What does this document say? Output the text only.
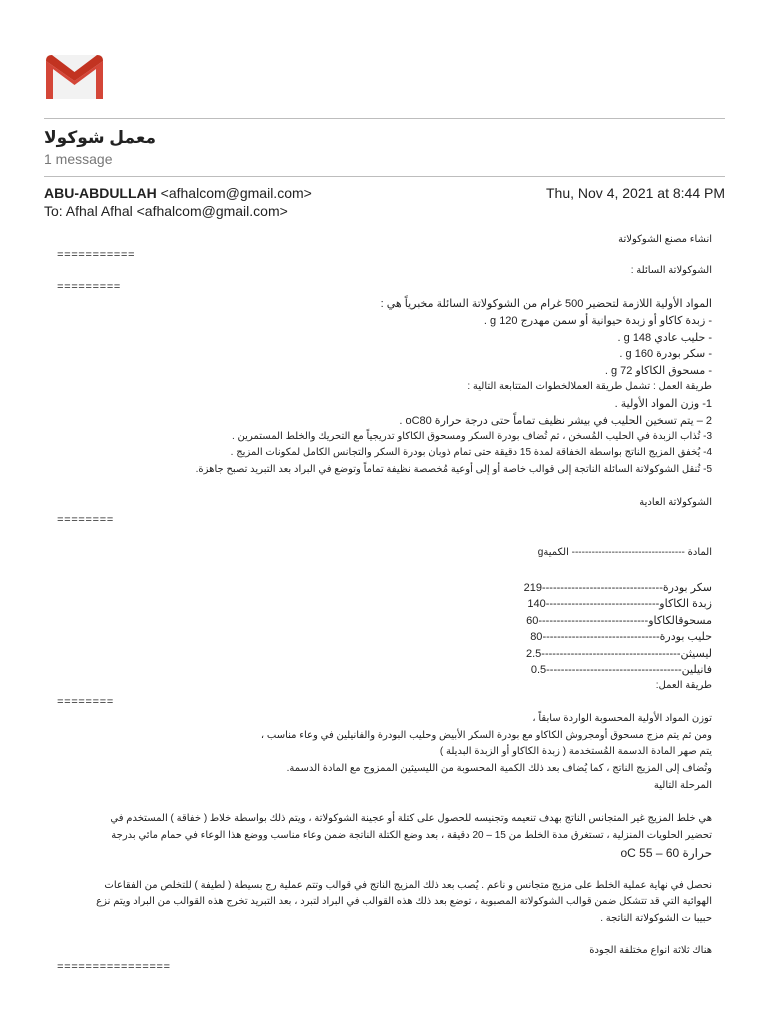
معمل شوكولا
1 message
ABU-ABDULLAH <afhalcom@gmail.com>
To: Afhal Afhal <afhalcom@gmail.com>
Thu, Nov 4, 2021 at 8:44 PM
انشاء مصنع الشوكولاتة
===========
الشوكولاتة السائلة :
=========
المواد الأولية اللازمة لتحضير 500 غرام من الشوكولاتة السائلة مخبرياً هي :
- زبدة كاكاو أو زبدة حيوانية أو سمن مهدرج 120 g .
- حليب عادي 148 g .
- سكر بودرة 160 g .
- مسحوق الكاكاو 72 g .
طريقة العمل : تشمل طريقة العملالخطوات المتتابعة التالية :
1- وزن المواد الأولية .
2 – يتم تسخين الحليب في بيشر نظيف تماماً حتى درجة حرارة oC80 .
3- تُذاب الزبدة في الحليب المُسخن ، ثم تُضاف بودرة السكر ومسحوق الكاكاو تدريجياً مع التحريك والخلط المستمرين .
4- يُخفق المزيج الناتج بواسطة الخفاقة لمدة 15 دقيقة حتى تمام ذوبان بودرة السكر والتجانس الكامل لمكونات المزيج .
5- تُنقل الشوكولاتة السائلة الناتجة إلى قوالب خاصة أو إلى أوعية مُخصصة نظيفة تماماً وتوضع في البراد بعد التبريد تصبح جاهزة.
الشوكولاتة العادية
========
المادة ---------------------------------- الكميةg
سكر بودرة---------------------------------219
زبدة الكاكاو-------------------------------140
مسحوقالكاكاو------------------------------60
حليب بودرة--------------------------------80
ليسيثن--------------------------------------2.5
فانيلين-------------------------------------0.5
طريقة العمل:
========
توزن المواد الأولية المحسوبة الواردة سابقاً ،
ومن ثم يتم مزج مسحوق أومجروش الكاكاو مع بودرة السكر الأبيض وحليب البودرة والفانيلين في وعاء مناسب ،
يتم صهر المادة الدسمة المُستخدمة ( زبدة الكاكاو أو الزبدة البديلة )
وتُضاف إلى المزيج الناتج ، كما يُضاف بعد ذلك الكمية المحسوبة من الليسيثين الممزوج مع المادة الدسمة.
المرحلة التالية
هي خلط المزيج غير المتجانس الناتج بهدف تنعيمه وتجنيسه للحصول على كتلة أو عجينة الشوكولاتة ، ويتم ذلك بواسطة خلاط ( خفاقة ) المستخدم في
تحضير الحلويات المنزلية ، تستغرق مدة الخلط من 15 – 20 دقيقة ، بعد وضع الكتلة الناتجة ضمن وعاء مناسب ووضع هذا الوعاء في حمام مائي بدرجة
حرارة 60 – oC 55
نحصل في نهاية عملية الخلط على مزيج متجانس و ناعم . يُصب بعد ذلك المزيج الناتج في قوالب وتتم عملية رج بسيطة ( لطيفة ) للتخلص من الفقاعات
الهوائية التي قد تتشكل ضمن قوالب الشوكولاتة المصبوبة ، توضع بعد ذلك هذه القوالب في البراد لتبرد ، بعد التبريد تخرج هذه القوالب من البراد ويتم نزع
حبيبا ت الشوكولاتة الناتجة .
هناك ثلاثة انواع مختلفة الجودة
================
